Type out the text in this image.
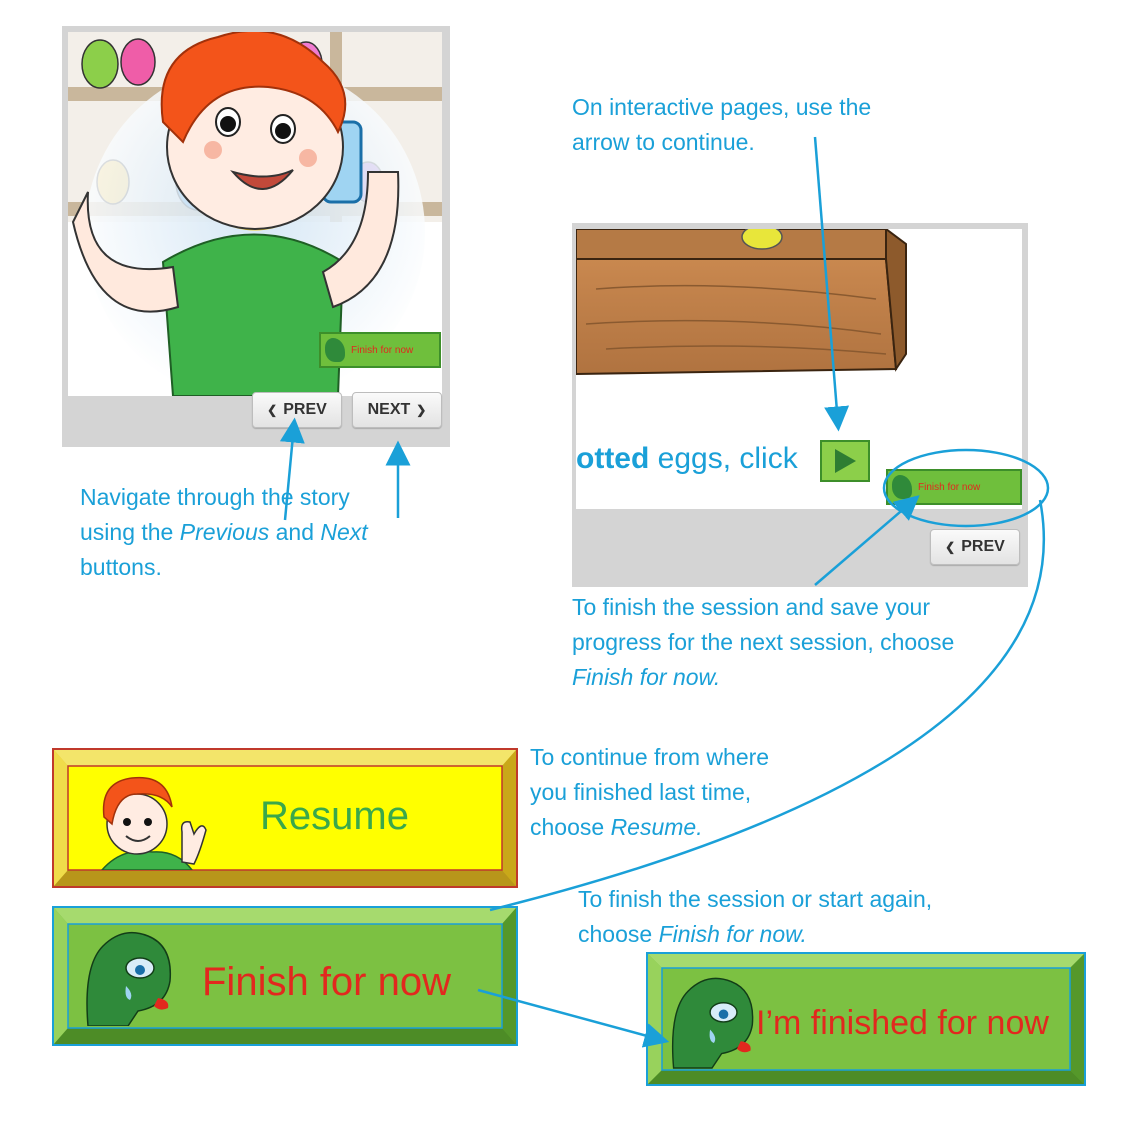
Finish for now
❮ PREV	NEXT ❯
otted eggs, click
Finish for now
❮ PREV
Navigate through the story
using the Previous and Next
buttons.
On interactive pages, use the
arrow to continue.
To finish the session and save your
progress for the next session, choose
Finish for now.
To continue from where
you finished last time,
choose Resume.
To finish the session or start again,
choose Finish for now.
Resume
Finish for now
I’m finished for now
